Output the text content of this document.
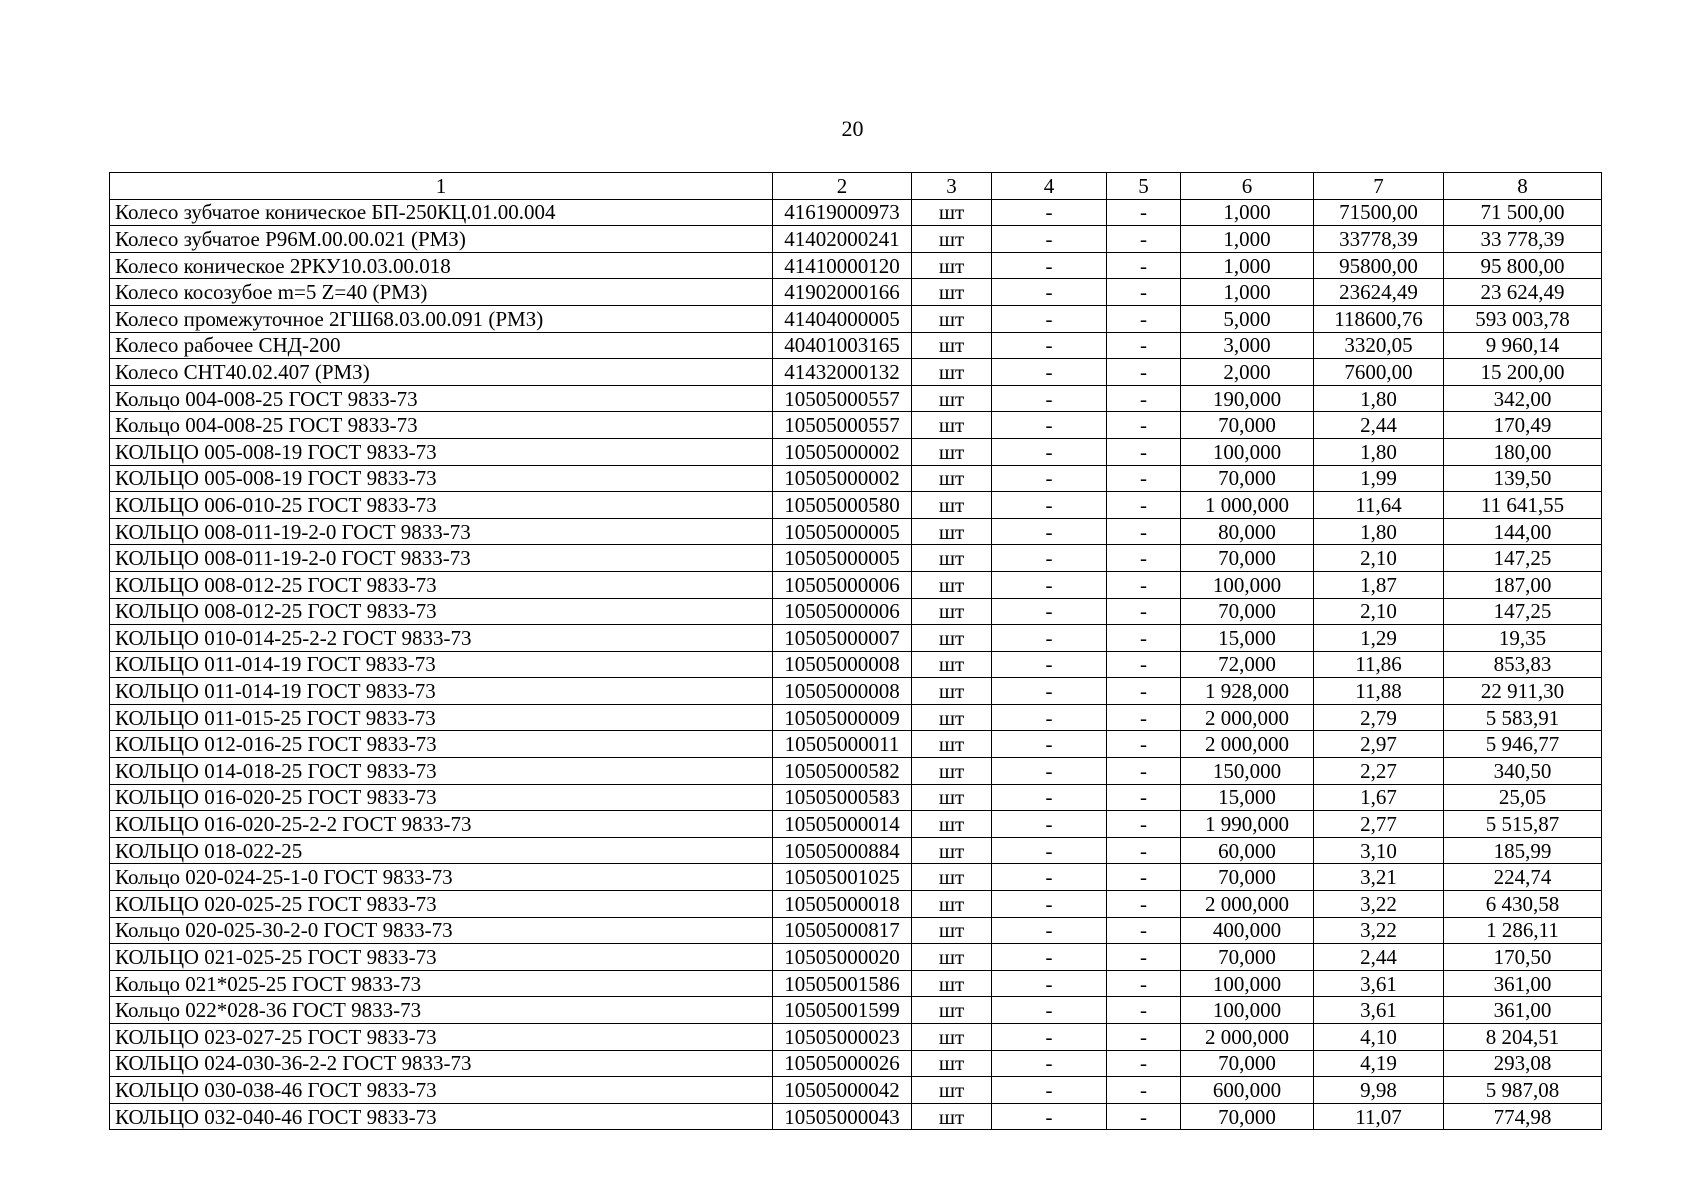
20
1	2	3	4	5	6	7	8
Колесо зубчатое коническое БП-250КЦ.01.00.004	41619000973	шт	-	-	1,000	71500,00	71 500,00
Колесо зубчатое Р96М.00.00.021 (РМЗ)	41402000241	шт	-	-	1,000	33778,39	33 778,39
Колесо коническое 2РКУ10.03.00.018	41410000120	шт	-	-	1,000	95800,00	95 800,00
Колесо косозубое m=5 Z=40 (РМЗ)	41902000166	шт	-	-	1,000	23624,49	23 624,49
Колесо промежуточное 2ГШ68.03.00.091 (РМЗ)	41404000005	шт	-	-	5,000	118600,76	593 003,78
Колесо рабочее СНД-200	40401003165	шт	-	-	3,000	3320,05	9 960,14
Колесо СНТ40.02.407 (РМЗ)	41432000132	шт	-	-	2,000	7600,00	15 200,00
Кольцо 004-008-25 ГОСТ 9833-73	10505000557	шт	-	-	190,000	1,80	342,00
Кольцо 004-008-25 ГОСТ 9833-73	10505000557	шт	-	-	70,000	2,44	170,49
КОЛЬЦО 005-008-19 ГОСТ 9833-73	10505000002	шт	-	-	100,000	1,80	180,00
КОЛЬЦО 005-008-19 ГОСТ 9833-73	10505000002	шт	-	-	70,000	1,99	139,50
КОЛЬЦО 006-010-25 ГОСТ 9833-73	10505000580	шт	-	-	1 000,000	11,64	11 641,55
КОЛЬЦО 008-011-19-2-0 ГОСТ 9833-73	10505000005	шт	-	-	80,000	1,80	144,00
КОЛЬЦО 008-011-19-2-0 ГОСТ 9833-73	10505000005	шт	-	-	70,000	2,10	147,25
КОЛЬЦО 008-012-25 ГОСТ 9833-73	10505000006	шт	-	-	100,000	1,87	187,00
КОЛЬЦО 008-012-25 ГОСТ 9833-73	10505000006	шт	-	-	70,000	2,10	147,25
КОЛЬЦО 010-014-25-2-2 ГОСТ 9833-73	10505000007	шт	-	-	15,000	1,29	19,35
КОЛЬЦО 011-014-19 ГОСТ 9833-73	10505000008	шт	-	-	72,000	11,86	853,83
КОЛЬЦО 011-014-19 ГОСТ 9833-73	10505000008	шт	-	-	1 928,000	11,88	22 911,30
КОЛЬЦО 011-015-25 ГОСТ 9833-73	10505000009	шт	-	-	2 000,000	2,79	5 583,91
КОЛЬЦО 012-016-25 ГОСТ 9833-73	10505000011	шт	-	-	2 000,000	2,97	5 946,77
КОЛЬЦО 014-018-25 ГОСТ 9833-73	10505000582	шт	-	-	150,000	2,27	340,50
КОЛЬЦО 016-020-25 ГОСТ 9833-73	10505000583	шт	-	-	15,000	1,67	25,05
КОЛЬЦО 016-020-25-2-2 ГОСТ 9833-73	10505000014	шт	-	-	1 990,000	2,77	5 515,87
КОЛЬЦО 018-022-25	10505000884	шт	-	-	60,000	3,10	185,99
Кольцо 020-024-25-1-0 ГОСТ 9833-73	10505001025	шт	-	-	70,000	3,21	224,74
КОЛЬЦО 020-025-25 ГОСТ 9833-73	10505000018	шт	-	-	2 000,000	3,22	6 430,58
Кольцо 020-025-30-2-0 ГОСТ 9833-73	10505000817	шт	-	-	400,000	3,22	1 286,11
КОЛЬЦО 021-025-25 ГОСТ 9833-73	10505000020	шт	-	-	70,000	2,44	170,50
Кольцо 021*025-25 ГОСТ 9833-73	10505001586	шт	-	-	100,000	3,61	361,00
Кольцо 022*028-36 ГОСТ 9833-73	10505001599	шт	-	-	100,000	3,61	361,00
КОЛЬЦО 023-027-25 ГОСТ 9833-73	10505000023	шт	-	-	2 000,000	4,10	8 204,51
КОЛЬЦО 024-030-36-2-2 ГОСТ 9833-73	10505000026	шт	-	-	70,000	4,19	293,08
КОЛЬЦО 030-038-46 ГОСТ 9833-73	10505000042	шт	-	-	600,000	9,98	5 987,08
КОЛЬЦО 032-040-46 ГОСТ 9833-73	10505000043	шт	-	-	70,000	11,07	774,98
